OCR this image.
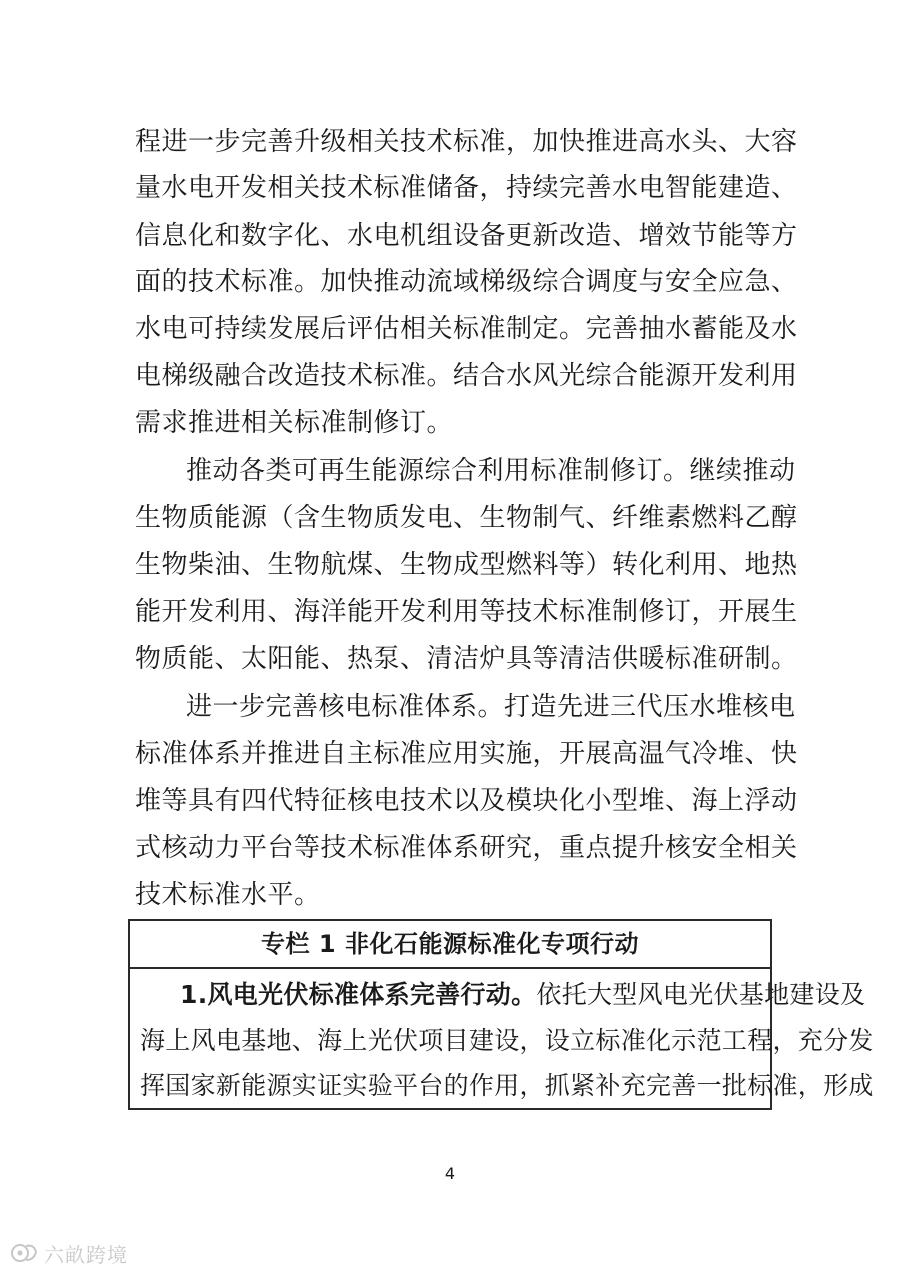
程进一步完善升级相关技术标准，加快推进高水头、大容
量水电开发相关技术标准储备，持续完善水电智能建造、
信息化和数字化、水电机组设备更新改造、增效节能等方
面的技术标准。加快推动流域梯级综合调度与安全应急、
水电可持续发展后评估相关标准制定。完善抽水蓄能及水
电梯级融合改造技术标准。结合水风光综合能源开发利用
需求推进相关标准制修订。
推动各类可再生能源综合利用标准制修订。继续推动
生物质能源（含生物质发电、生物制气、纤维素燃料乙醇
生物柴油、生物航煤、生物成型燃料等）转化利用、地热
能开发利用、海洋能开发利用等技术标准制修订，开展生
物质能、太阳能、热泵、清洁炉具等清洁供暖标准研制。
进一步完善核电标准体系。打造先进三代压水堆核电
标准体系并推进自主标准应用实施，开展高温气冷堆、快
堆等具有四代特征核电技术以及模块化小型堆、海上浮动
式核动力平台等技术标准体系研究，重点提升核安全相关
技术标准水平。
专栏 1 非化石能源标准化专项行动
1.风电光伏标准体系完善行动。依托大型风电光伏基地建设及
海上风电基地、海上光伏项目建设，设立标准化示范工程，充分发
挥国家新能源实证实验平台的作用，抓紧补充完善一批标准，形成
4
六畝跨境
